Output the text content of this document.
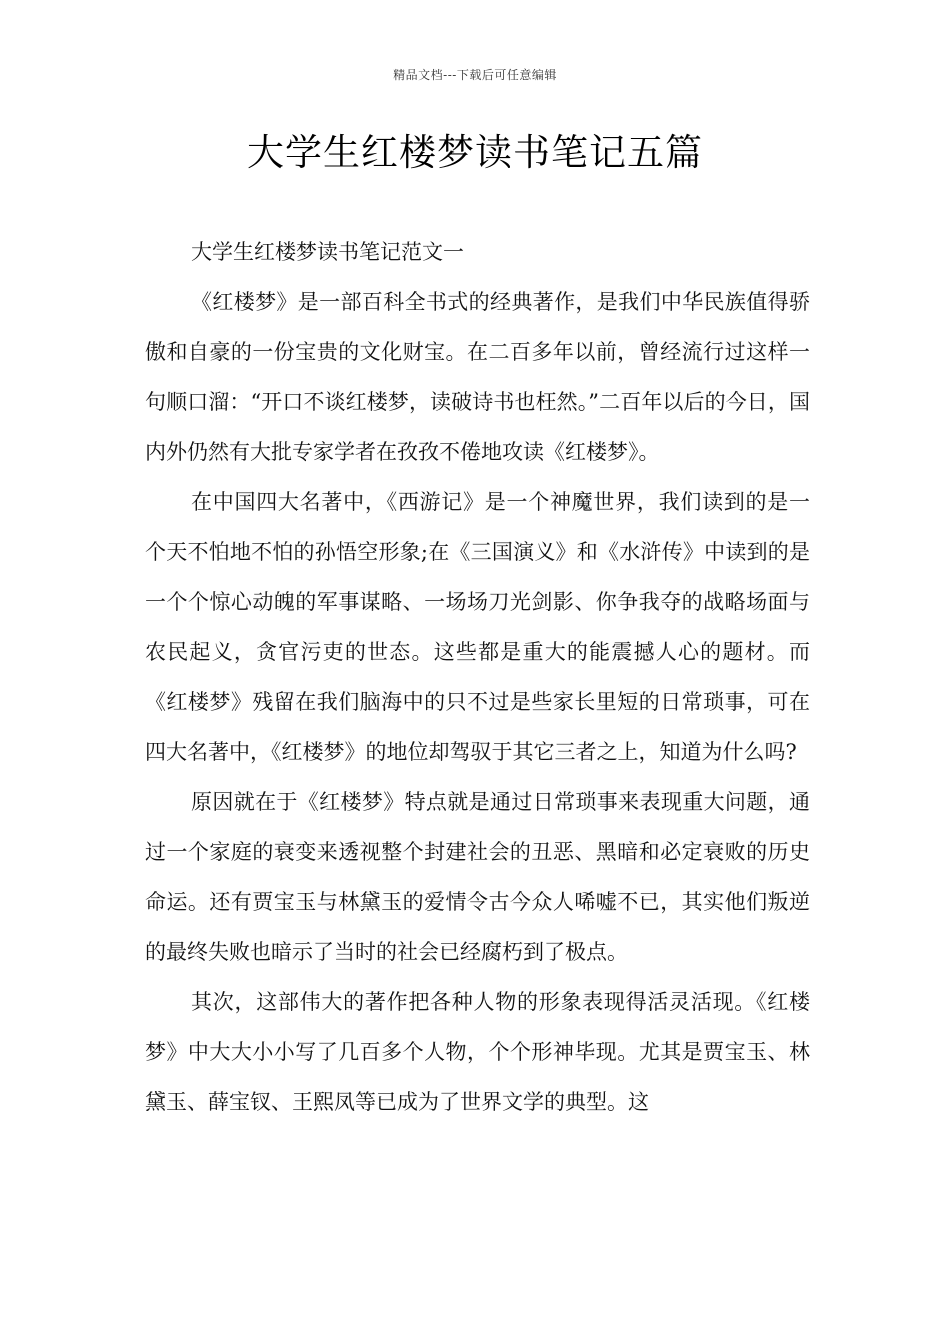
精品文档---下载后可任意编辑
大学生红楼梦读书笔记五篇

大学生红楼梦读书笔记范文一

《红楼梦》是一部百科全书式的经典著作，是我们中华民族值得骄傲和自豪的一份宝贵的文化财宝。在二百多年以前，曾经流行过这样一句顺口溜：“开口不谈红楼梦，读破诗书也枉然。”二百年以后的今日，国内外仍然有大批专家学者在孜孜不倦地攻读《红楼梦》。

在中国四大名著中，《西游记》是一个神魔世界，我们读到的是一个天不怕地不怕的孙悟空形象;在《三国演义》和《水浒传》中读到的是一个个惊心动魄的军事谋略、一场场刀光剑影、你争我夺的战略场面与农民起义，贪官污吏的世态。这些都是重大的能震撼人心的题材。而《红楼梦》残留在我们脑海中的只不过是些家长里短的日常琐事，可在四大名著中，《红楼梦》的地位却驾驭于其它三者之上，知道为什么吗?

原因就在于《红楼梦》特点就是通过日常琐事来表现重大问题，通过一个家庭的衰变来透视整个封建社会的丑恶、黑暗和必定衰败的历史命运。还有贾宝玉与林黛玉的爱情令古今众人唏嘘不已，其实他们叛逆的最终失败也暗示了当时的社会已经腐朽到了极点。

其次，这部伟大的著作把各种人物的形象表现得活灵活现。《红楼梦》中大大小小写了几百多个人物，个个形神毕现。尤其是贾宝玉、林黛玉、薛宝钗、王熙凤等已成为了世界文学的典型。这
